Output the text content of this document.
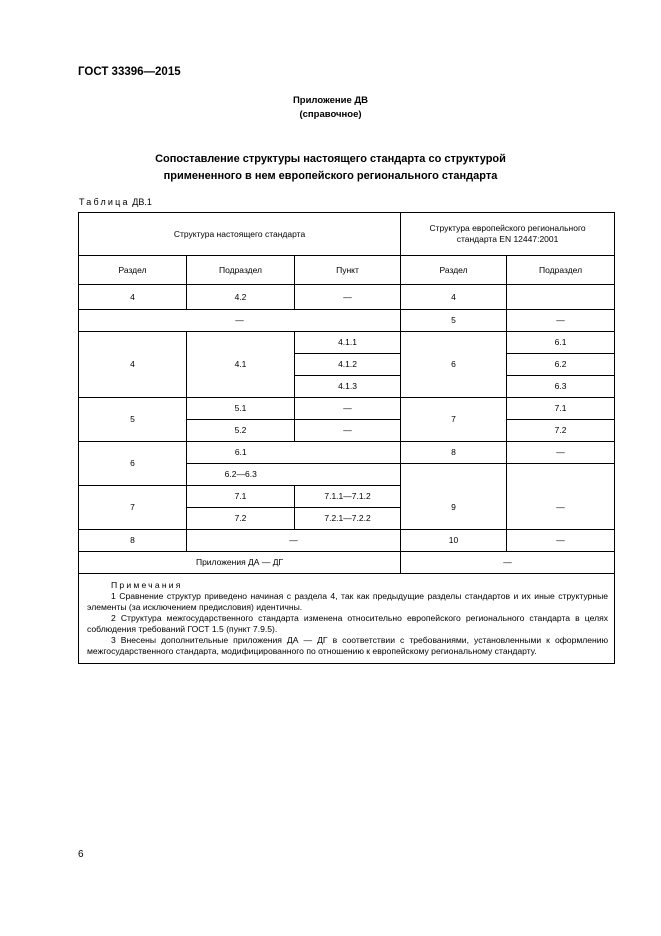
ГОСТ 33396—2015
Приложение ДВ
(справочное)
Сопоставление структуры настоящего стандарта со структурой
примененного в нем европейского регионального стандарта
Таблица ДВ.1
Структура настоящего стандарта			Структура европейского регионального
стандарта EN 12447:2001	

Раздел	Подраздел	Пункт	Раздел	Подраздел
4	4.2	—	4	
—			5	—
4	4.1	4.1.1	6	6.1
		4.1.2		6.2
		4.1.3		6.3
5	5.1	—	7	7.1
	5.2	—		7.2
6	6.1		8	—
	6.2—6.3			
7	7.1	7.1.1—7.1.2	9	—
	7.2	7.2.1—7.2.2		
8	—		10	—
Приложения ДА — ДГ			—	

Примечания
1 Сравнение структур приведено начиная с раздела 4, так как предыдущие разделы стандартов и их иные структурные элементы (за исключением предисловия) идентичны.
2 Структура межгосударственного стандарта изменена относительно европейского регионального стандарта в целях соблюдения требований ГОСТ 1.5 (пункт 7.9.5).
3 Внесены дополнительные приложения ДА — ДГ в соответствии с требованиями, установленными к оформлению межгосударственного стандарта, модифицированного по отношению к европейскому региональному стандарту.				
6
